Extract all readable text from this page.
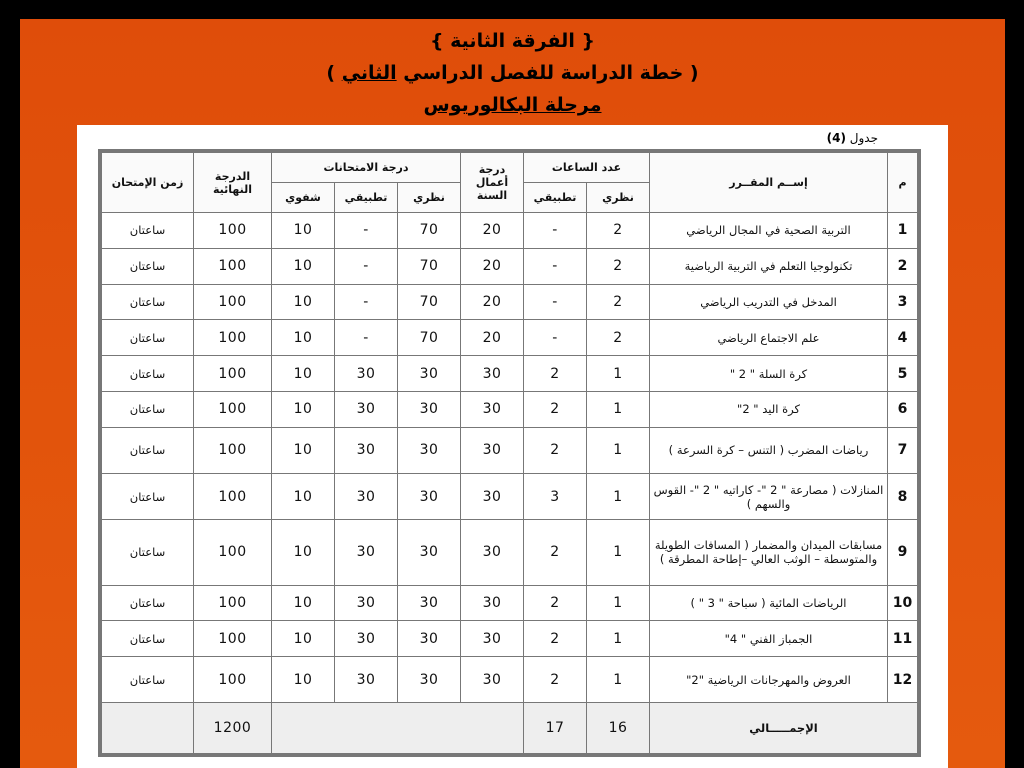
{ الفرقة الثانية }
( خطة الدراسة للفصل الدراسي الثاني )
مرحلة البكالوريوس
جدول (4)
م	إســم المقــرر	عدد الساعات		درجة أعمال السنة	درجة الامتحانات			الدرجة النهائية	زمن الإمتحان
		نظري	تطبيقي		نظري	تطبيقي	شفوي		
1	التربية الصحية في المجال الرياضي	2	-	20	70	-	10	100	ساعتان
2	تكنولوجيا التعلم في التربية الرياضية	2	-	20	70	-	10	100	ساعتان
3	المدخل في التدريب الرياضي	2	-	20	70	-	10	100	ساعتان
4	علم الاجتماع الرياضي	2	-	20	70	-	10	100	ساعتان
5	كرة السلة " 2 "	1	2	30	30	30	10	100	ساعتان
6	كرة اليد " 2"	1	2	30	30	30	10	100	ساعتان
7	رياضات المضرب ( التنس – كرة السرعة )	1	2	30	30	30	10	100	ساعتان
8	المنازلات ( مصارعة " 2 "- كاراتيه " 2 "- القوس والسهم )	1	3	30	30	30	10	100	ساعتان
9	مسابقات الميدان والمضمار ( المسافات الطويلة والمتوسطة – الوثب العالي –إطاحة المطرقة )	1	2	30	30	30	10	100	ساعتان
10	الرياضات المائية ( سباحة " 3 " )	1	2	30	30	30	10	100	ساعتان
11	الجمباز الفني " 4"	1	2	30	30	30	10	100	ساعتان
12	العروض والمهرجانات الرياضية "2"	1	2	30	30	30	10	100	ساعتان
الإجمـــــالي		16	17					1200	
